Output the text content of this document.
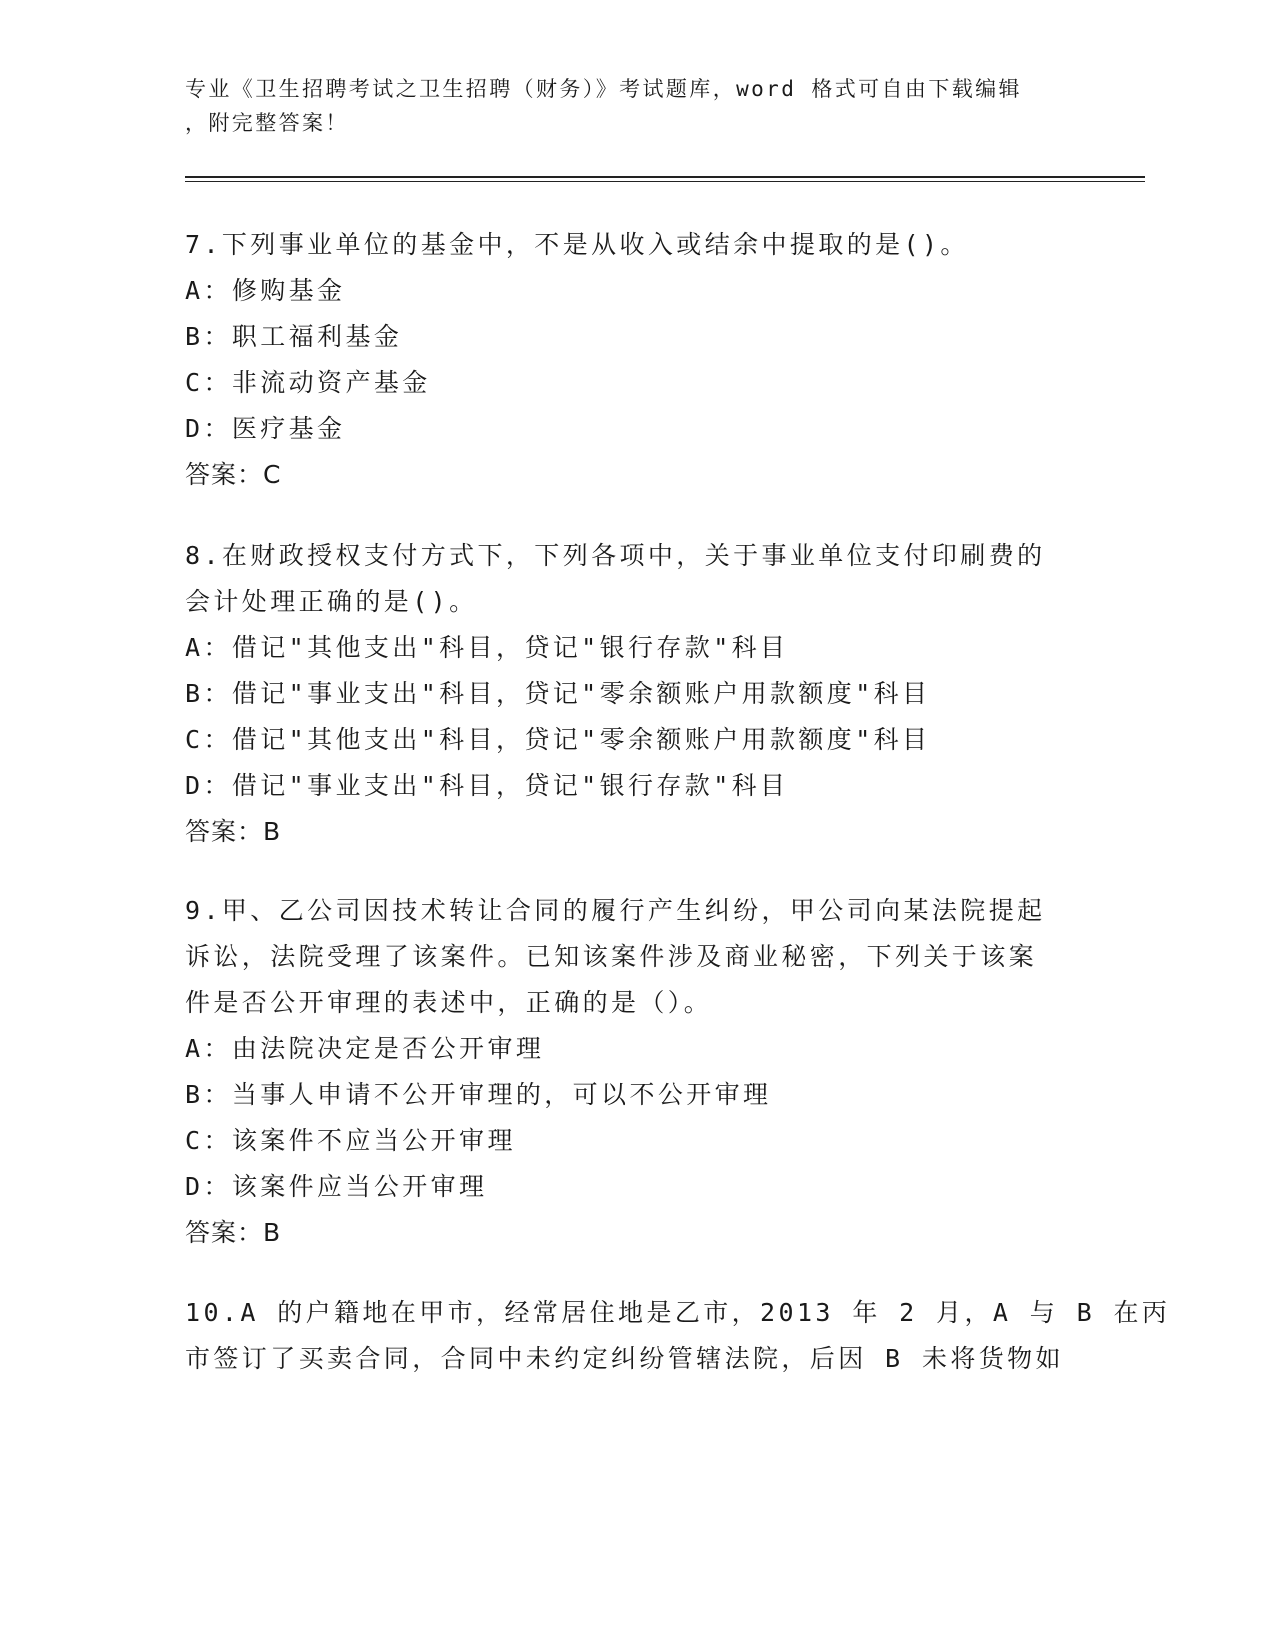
专业《卫生招聘考试之卫生招聘（财务）》考试题库，word 格式可自由下载编辑
，附完整答案！
7.下列事业单位的基金中，不是从收入或结余中提取的是()。
A：修购基金
B：职工福利基金
C：非流动资产基金
D：医疗基金
答案：C
8.在财政授权支付方式下，下列各项中，关于事业单位支付印刷费的
会计处理正确的是()。
A：借记"其他支出"科目，贷记"银行存款"科目
B：借记"事业支出"科目，贷记"零余额账户用款额度"科目
C：借记"其他支出"科目，贷记"零余额账户用款额度"科目
D：借记"事业支出"科目，贷记"银行存款"科目
答案：B
9.甲、乙公司因技术转让合同的履行产生纠纷，甲公司向某法院提起
诉讼，法院受理了该案件。已知该案件涉及商业秘密，下列关于该案
件是否公开审理的表述中，正确的是（）。
A：由法院决定是否公开审理
B：当事人申请不公开审理的，可以不公开审理
C：该案件不应当公开审理
D：该案件应当公开审理
答案：B
10.A 的户籍地在甲市，经常居住地是乙市，2013 年 2 月，A 与 B 在丙
市签订了买卖合同，合同中未约定纠纷管辖法院，后因 B 未将货物如
